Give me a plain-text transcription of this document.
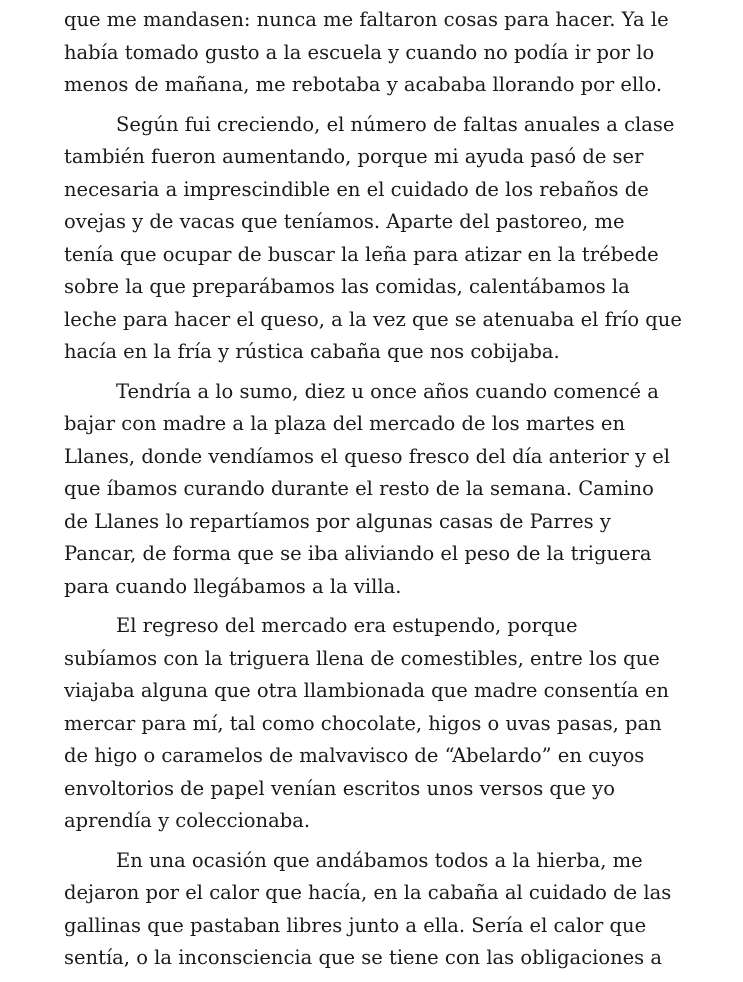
que me mandasen: nunca me faltaron cosas para hacer. Ya le
había tomado gusto a la escuela y cuando no podía ir por lo
menos de mañana, me rebotaba y acababa llorando por ello.
Según fui creciendo, el número de faltas anuales a clase
también fueron aumentando, porque mi ayuda pasó de ser
necesaria a imprescindible en el cuidado de los rebaños de
ovejas y de vacas que teníamos. Aparte del pastoreo, me
tenía que ocupar de buscar la leña para atizar en la trébede
sobre la que preparábamos las comidas, calentábamos la
leche para hacer el queso, a la vez que se atenuaba el frío que
hacía en la fría y rústica cabaña que nos cobijaba.
Tendría a lo sumo, diez u once años cuando comencé a
bajar con madre a la plaza del mercado de los martes en
Llanes, donde vendíamos el queso fresco del día anterior y el
que íbamos curando durante el resto de la semana. Camino
de Llanes lo repartíamos por algunas casas de Parres y
Pancar, de forma que se iba aliviando el peso de la triguera
para cuando llegábamos a la villa.
El regreso del mercado era estupendo, porque
subíamos con la triguera llena de comestibles, entre los que
viajaba alguna que otra llambionada que madre consentía en
mercar para mí, tal como chocolate, higos o uvas pasas, pan
de higo o caramelos de malvavisco de “Abelardo” en cuyos
envoltorios de papel venían escritos unos versos que yo
aprendía y coleccionaba.
En una ocasión que andábamos todos a la hierba, me
dejaron por el calor que hacía, en la cabaña al cuidado de las
gallinas que pastaban libres junto a ella. Sería el calor que
sentía, o la inconsciencia que se tiene con las obligaciones a
